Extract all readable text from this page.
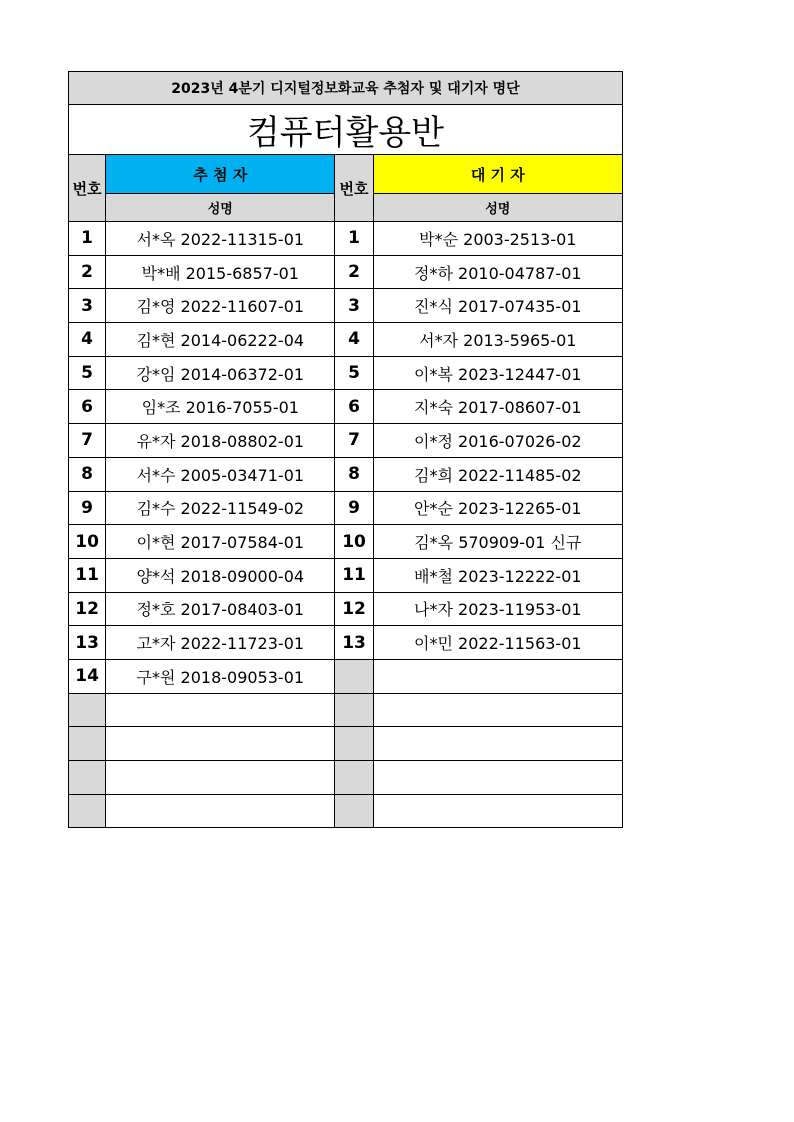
2023년 4분기 디지털정보화교육 추첨자 및 대기자 명단			
컴퓨터활용반			
번호	추 첨 자	번호	대 기 자
	성명		성명
1	서*옥 2022-11315-01	1	박*순 2003-2513-01
2	박*배 2015-6857-01	2	정*하 2010-04787-01
3	김*영 2022-11607-01	3	진*식 2017-07435-01
4	김*현 2014-06222-04	4	서*자 2013-5965-01
5	강*임 2014-06372-01	5	이*복 2023-12447-01
6	임*조 2016-7055-01	6	지*숙 2017-08607-01
7	유*자 2018-08802-01	7	이*정 2016-07026-02
8	서*수 2005-03471-01	8	김*희 2022-11485-02
9	김*수 2022-11549-02	9	안*순 2023-12265-01
10	이*현 2017-07584-01	10	김*옥 570909-01 신규
11	양*석 2018-09000-04	11	배*철 2023-12222-01
12	정*호 2017-08403-01	12	나*자 2023-11953-01
13	고*자 2022-11723-01	13	이*민 2022-11563-01
14	구*원 2018-09053-01		
